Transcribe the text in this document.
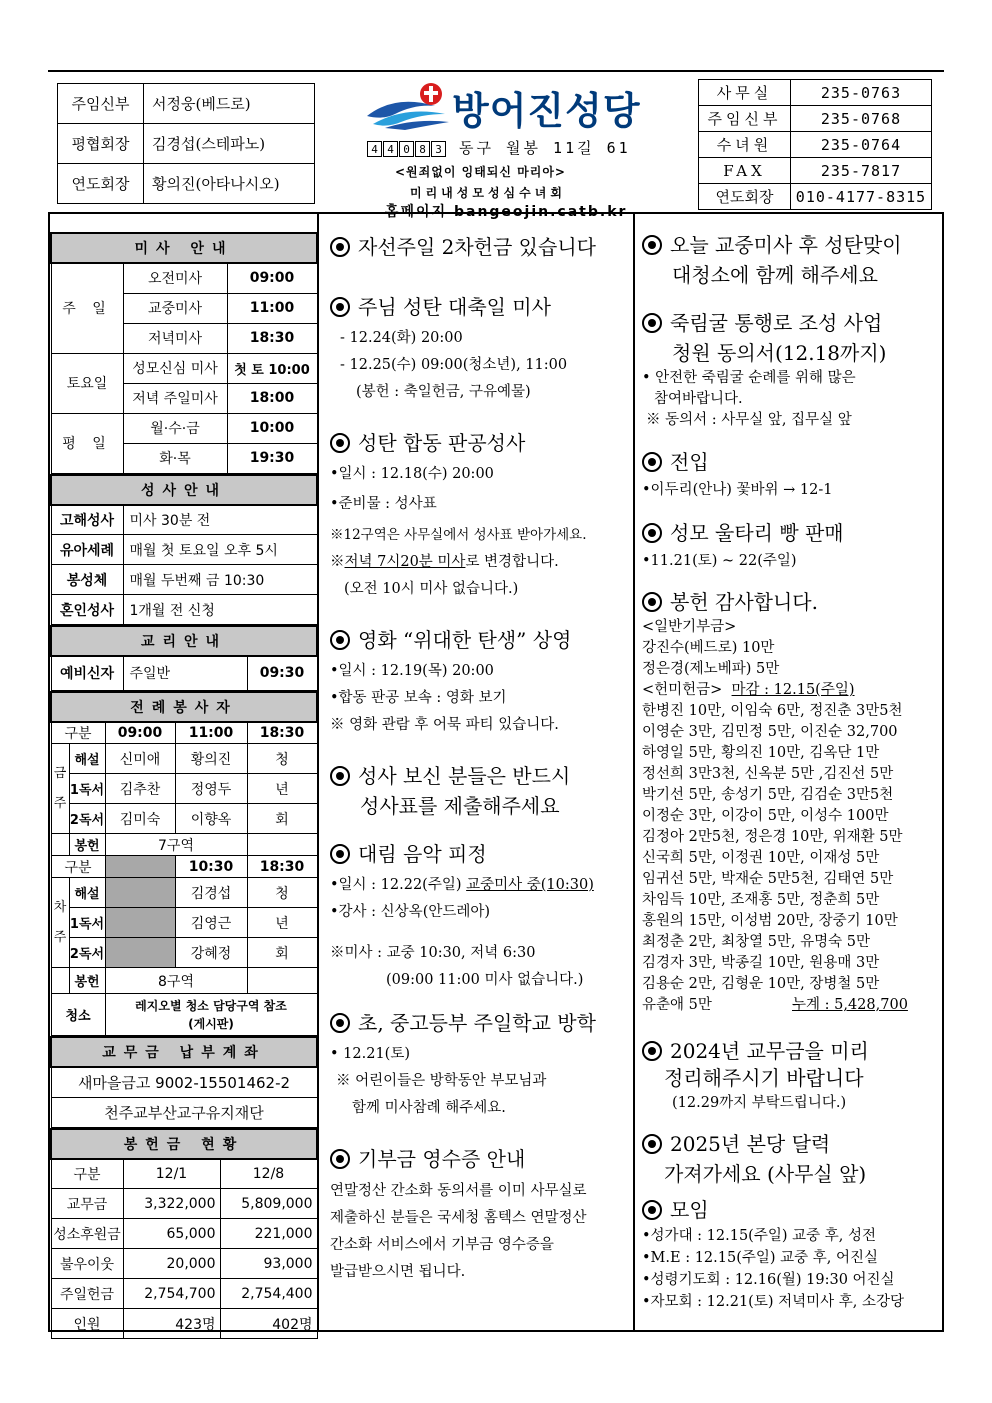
주임신부	서정웅(베드로)
평협회장	김경섭(스테파노)
연도회장	황의진(아타나시오)
방어진성당
4 4 0 8 3 동구 월봉 11길 61
<원죄없이 잉태되신 마리아>
미리내성모성심수녀회
홈페이지 bangeojin.catb.kr
사무실	235-0763
주임신부	235-0768
수녀원	235-0764
FAX	235-7817
연도회장	010-4177-8315
미사 안내		
주 일	오전미사	09:00
	교중미사	11:00
	저녁미사	18:30
토요일	성모신심 미사	첫 토 10:00
	저녁 주일미사	18:00
평 일	월·수·금	10:00
	화·목	19:30
성사안내	
고해성사	미사 30분 전
유아세례	매월 첫 토요일 오후 5시
봉성체	매월 두번째 금 10:30
혼인성사	1개월 전 신청
교리안내
예비신자	주일반	09:30
전례봉사자				
구분		09:00	11:00	18:30
금주	해설	신미애	황의진	청
	1독서	김추찬	정영두	년
	2독서	김미숙	이향옥	회
	봉헌	7구역		
구분			10:30	18:30
차주	해설		김경섭	청
	1독서		김영근	년
	2독서		강혜정	회
	봉헌	8구역		
청소		레지오별 청소 담당구역 참조
(게시판)		
교무금 납부계좌
새마을금고 9002-15501462-2
천주교부산교구유지재단
봉헌금 현황		
구분	12/1	12/8
교무금	3,322,000	5,809,000
성소후원금	65,000	221,000
불우이웃	20,000	93,000
주일헌금	2,754,700	2,754,400
인원	423명	402명
자선주일 2차헌금 있습니다
주님 성탄 대축일 미사
- 12.24(화) 20:00
- 12.25(수) 09:00(청소년), 11:00
(봉헌 : 축일헌금, 구유예물)
성탄 합동 판공성사
•일시 : 12.18(수) 20:00
•준비물 : 성사표
※12구역은 사무실에서 성사표 받아가세요.
※저녁 7시20분 미사로 변경합니다.
(오전 10시 미사 없습니다.)
영화 “위대한 탄생” 상영
•일시 : 12.19(목) 20:00
•합동 판공 보속 : 영화 보기
※ 영화 관람 후 어묵 파티 있습니다.
성사 보신 분들은 반드시
성사표를 제출해주세요
대림 음악 피정
•일시 : 12.22(주일) 교중미사 중(10:30)
•강사 : 신상옥(안드레아)
※미사 : 교중 10:30, 저녁 6:30
(09:00 11:00 미사 없습니다.)
초, 중고등부 주일학교 방학
• 12.21(토)
※ 어린이들은 방학동안 부모님과
함께 미사참례 해주세요.
기부금 영수증 안내
연말정산 간소화 동의서를 이미 사무실로
제출하신 분들은 국세청 홈텍스 연말정산
간소화 서비스에서 기부금 영수증을
발급받으시면 됩니다.
오늘 교중미사 후 성탄맞이
대청소에 함께 해주세요
죽림굴 통행로 조성 사업
청원 동의서(12.18까지)
• 안전한 죽림굴 순례를 위해 많은
참여바랍니다.
※ 동의서 : 사무실 앞, 집무실 앞
전입
•이두리(안나) 꽃바위 → 12-1
성모 울타리 빵 판매
•11.21(토) ~ 22(주일)
봉헌 감사합니다.
<일반기부금>
강진수(베드로) 10만
정은경(제노베파) 5만
<헌미헌금> 마감 : 12.15(주일)
한병진 10만, 이임숙 6만, 정진춘 3만5천
이영순 3만, 김민정 5만, 이진순 32,700
하영일 5만, 황의진 10만, 김옥단 1만
정선희 3만3천, 신옥분 5만 ,김진선 5만
박기선 5만, 송성기 5만, 김검순 3만5천
이정순 3만, 이강이 5만, 이성수 100만
김정아 2만5천, 정은경 10만, 위재환 5만
신국희 5만, 이정권 10만, 이재성 5만
임귀선 5만, 박재순 5만5천, 김태연 5만
차임득 10만, 조재홍 5만, 정춘희 5만
홍원의 15만, 이성범 20만, 장중기 10만
최정춘 2만, 최창열 5만, 유명숙 5만
김경자 3만, 박종길 10만, 원용매 3만
김용순 2만, 김형운 10만, 장병철 5만
유춘애 5만	누계 : 5,428,700
2024년 교무금을 미리
정리해주시기 바랍니다
(12.29까지 부탁드립니다.)
2025년 본당 달력
가져가세요 (사무실 앞)
모임
•성가대 : 12.15(주일) 교중 후, 성전
•M.E : 12.15(주일) 교중 후, 어진실
•성령기도회 : 12.16(월) 19:30 어진실
•자모회 : 12.21(토) 저녁미사 후, 소강당
